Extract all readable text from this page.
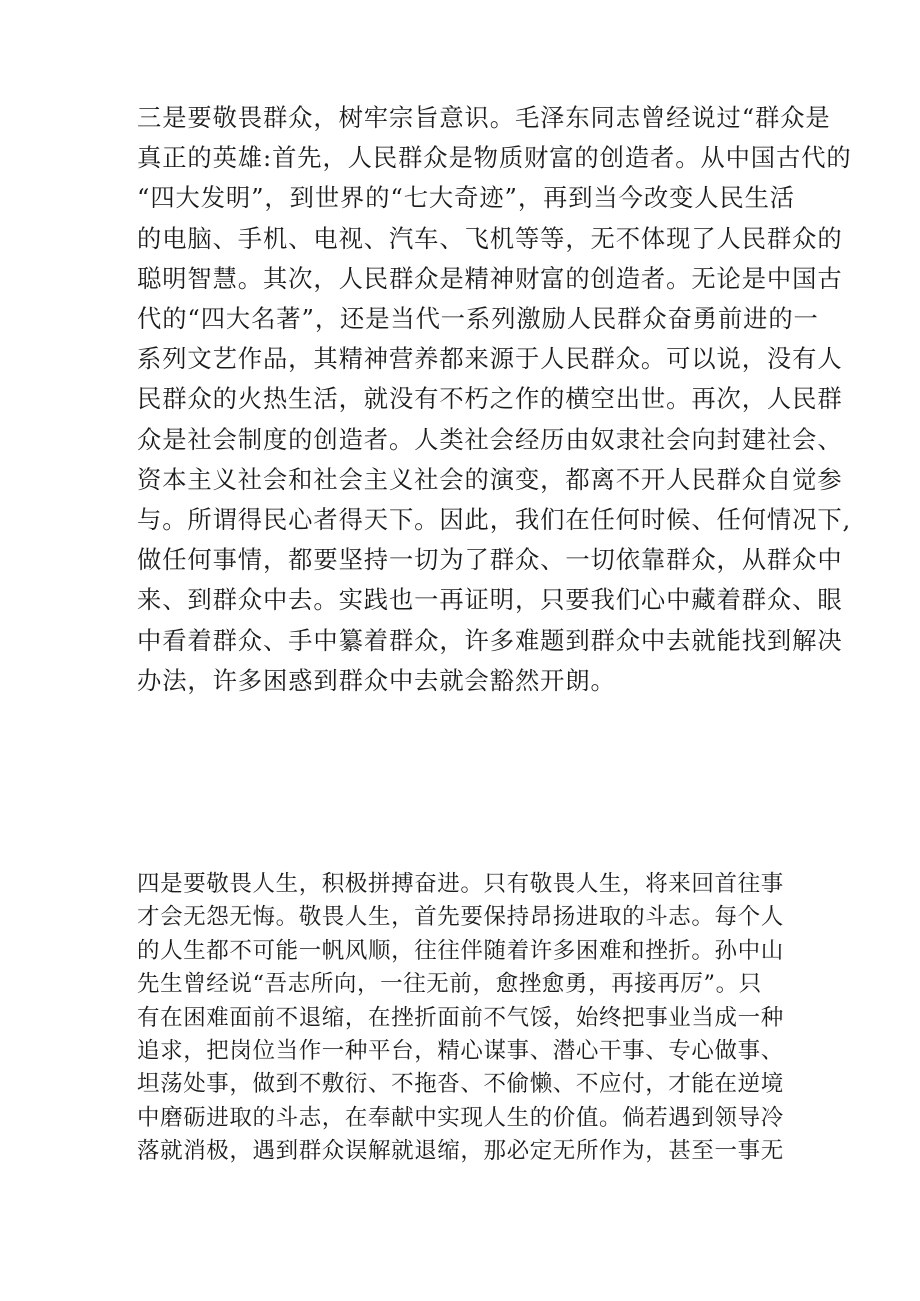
三是要敬畏群众，树牢宗旨意识。毛泽东同志曾经说过“群众是
真正的英雄:首先，人民群众是物质财富的创造者。从中国古代的
“四大发明”，到世界的“七大奇迹”，再到当今改变人民生活
的电脑、手机、电视、汽车、飞机等等，无不体现了人民群众的
聪明智慧。其次，人民群众是精神财富的创造者。无论是中国古
代的“四大名著”，还是当代一系列激励人民群众奋勇前进的一
系列文艺作品，其精神营养都来源于人民群众。可以说，没有人
民群众的火热生活，就没有不朽之作的横空出世。再次，人民群
众是社会制度的创造者。人类社会经历由奴隶社会向封建社会、
资本主义社会和社会主义社会的演变，都离不开人民群众自觉参
与。所谓得民心者得天下。因此，我们在任何时候、任何情况下,
做任何事情，都要坚持一切为了群众、一切依靠群众，从群众中
来、到群众中去。实践也一再证明，只要我们心中藏着群众、眼
中看着群众、手中纂着群众，许多难题到群众中去就能找到解决
办法，许多困惑到群众中去就会豁然开朗。

四是要敬畏人生，积极拼搏奋进。只有敬畏人生，将来回首往事
才会无怨无悔。敬畏人生，首先要保持昂扬进取的斗志。每个人
的人生都不可能一帆风顺，往往伴随着许多困难和挫折。孙中山
先生曾经说“吾志所向，一往无前，愈挫愈勇，再接再厉”。只
有在困难面前不退缩，在挫折面前不气馁，始终把事业当成一种
追求，把岗位当作一种平台，精心谋事、潜心干事、专心做事、
坦荡处事，做到不敷衍、不拖沓、不偷懒、不应付，才能在逆境
中磨砺进取的斗志，在奉献中实现人生的价值。倘若遇到领导冷
落就消极，遇到群众误解就退缩，那必定无所作为，甚至一事无
